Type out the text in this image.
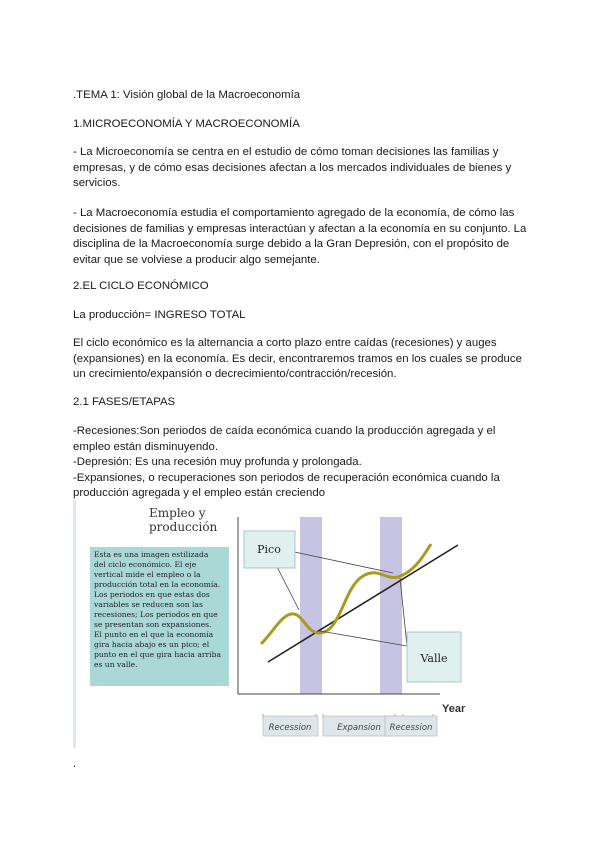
.TEMA 1: Visión global de la Macroeconomía
1.MICROECONOMÍA Y MACROECONOMÍA

- La Microeconomía se centra en el estudio de cómo toman decisiones las familias y empresas, y de cómo esas decisiones afectan a los mercados individuales de bienes y servicios.

- La Macroeconomía estudia el comportamiento agregado de la economía, de cómo las decisiones de familias y empresas interactúan y afectan a la economía en su conjunto. La disciplina de la Macroeconomía surge debido a la Gran Depresión, con el propósito de evitar que se volviese a producir algo semejante.

2.EL CICLO ECONÓMICO
La producción= INGRESO TOTAL

El ciclo económico es la alternancia a corto plazo entre caídas (recesiones) y auges (expansiones) en la economía. Es decir, encontraremos tramos en los cuales se produce un crecimiento/expansión o decrecimiento/contracción/recesión.

2.1 FASES/ETAPAS

-Recesiones:Son periodos de caída económica cuando la producción agregada y el empleo están disminuyendo.

-Depresión: Es una recesión muy profunda y prolongada.

-Expansiones, o recuperaciones son periodos de recuperación económica cuando la producción agregada y el empleo están creciendo

Empleo y
producción
Esta es una imagen estilizada
del ciclo económico. El eje
vertical mide el empleo o la
producción total en la economía.
Los periodos en que estas dos
variables se reducen son las
recesiones; Los periodos en que
se presentan son expansiones.
El punto en el que la economía
gira hacia abajo es un pico; el
punto en el que gira hacia arriba
es un valle.
Pico
Valle
Year
Recession	Expansion Recession
.
